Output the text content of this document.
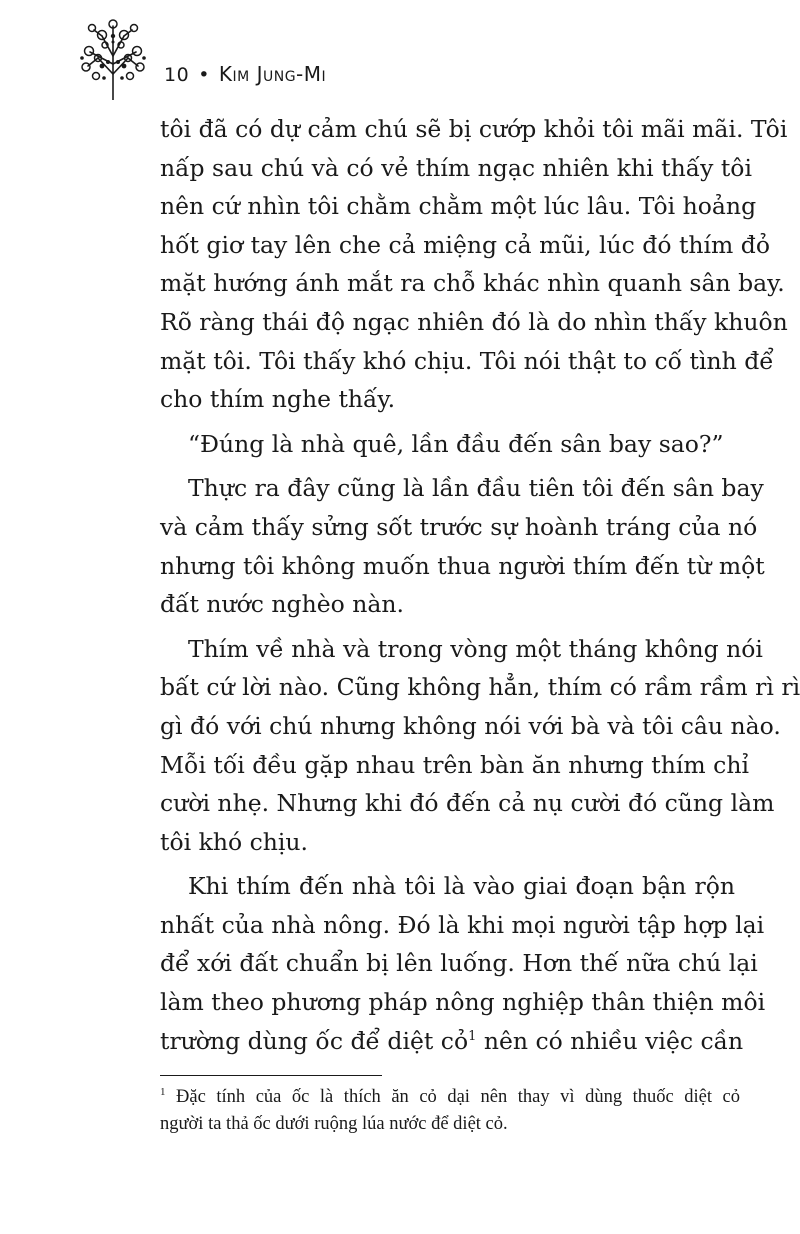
10 • Kim Jung-Mi
tôi đã có dự cảm chú sẽ bị cướp khỏi tôi mãi mãi. Tôi
nấp sau chú và có vẻ thím ngạc nhiên khi thấy tôi
nên cứ nhìn tôi chằm chằm một lúc lâu. Tôi hoảng
hốt giơ tay lên che cả miệng cả mũi, lúc đó thím đỏ
mặt hướng ánh mắt ra chỗ khác nhìn quanh sân bay.
Rõ ràng thái độ ngạc nhiên đó là do nhìn thấy khuôn
mặt tôi. Tôi thấy khó chịu. Tôi nói thật to cố tình để
cho thím nghe thấy.
“Đúng là nhà quê, lần đầu đến sân bay sao?”
Thực ra đây cũng là lần đầu tiên tôi đến sân bay
và cảm thấy sửng sốt trước sự hoành tráng của nó
nhưng tôi không muốn thua người thím đến từ một
đất nước nghèo nàn.
Thím về nhà và trong vòng một tháng không nói
bất cứ lời nào. Cũng không hẳn, thím có rầm rầm rì rì
gì đó với chú nhưng không nói với bà và tôi câu nào.
Mỗi tối đều gặp nhau trên bàn ăn nhưng thím chỉ
cười nhẹ. Nhưng khi đó đến cả nụ cười đó cũng làm
tôi khó chịu.
Khi thím đến nhà tôi là vào giai đoạn bận rộn
nhất của nhà nông. Đó là khi mọi người tập hợp lại
để xới đất chuẩn bị lên luống. Hơn thế nữa chú lại
làm theo phương pháp nông nghiệp thân thiện môi
trường dùng ốc để diệt cỏ$^1$ nên có nhiều việc cần
$^1$ Đặc tính của ốc là thích ăn cỏ dại nên thay vì dùng thuốc diệt cỏ
người ta thả ốc dưới ruộng lúa nước để diệt cỏ.
